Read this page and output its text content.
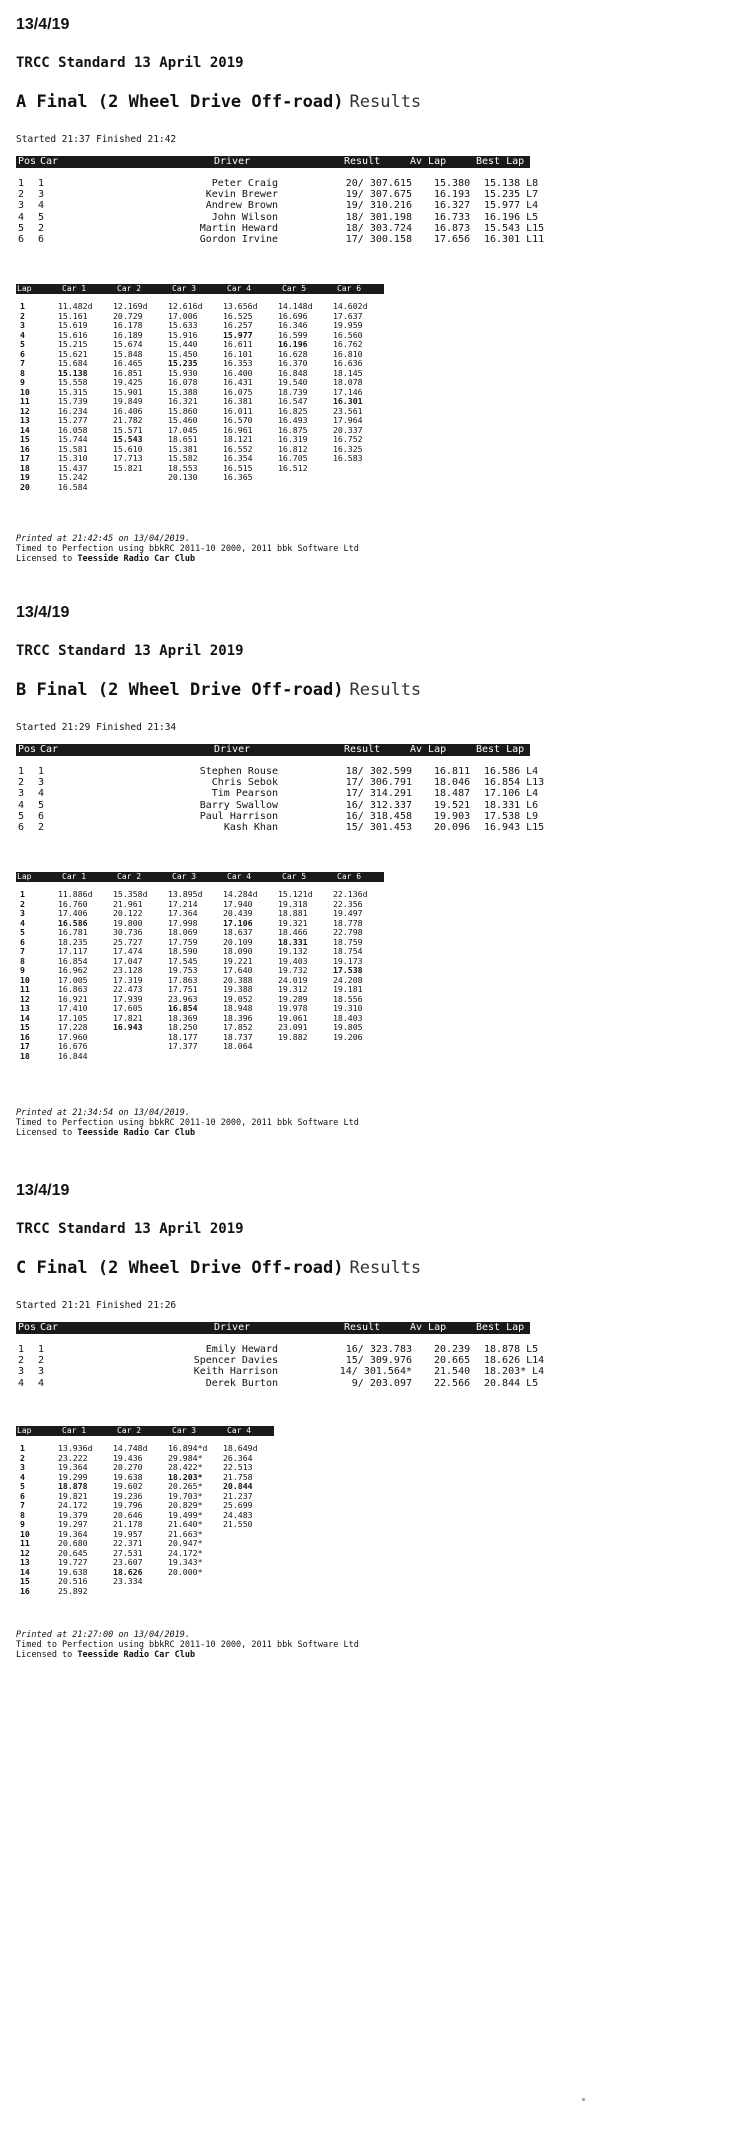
13/4/19
TRCC Standard 13 April 2019
A Final (2 Wheel Drive Off-road) Results
Started 21:37 Finished 21:42
Pos Car	Driver	Result	Av Lap	Best Lap
1 1	Peter Craig	20/ 307.615 15.380 15.138 L8
2 3	Kevin Brewer	19/ 307.675 16.193 15.235 L7
3 4	Andrew Brown	19/ 310.216 16.327 15.977 L4
4 5	John Wilson	18/ 301.198 16.733 16.196 L5
5 2	Martin Heward	18/ 303.724 16.873 15.543 L15
6 6	Gordon Irvine	17/ 300.158 17.656 16.301 L11
Lap	Car 1	Car 2	Car 3	Car 4	Car 5	Car 6
1	11.482d 12.169d 12.616d 13.656d 14.148d 14.602d
2	15.161	20.729	17.006	16.525	16.696	17.637
3	15.619	16.178	15.633	16.257	16.346	19.959
4	15.616	16.189	15.916	15.977	16.599	16.560
5	15.215	15.674	15.440	16.611	16.196	16.762
6	15.621	15.848	15.450	16.101	16.628	16.810
7	15.684	16.465	15.235	16.353	16.370	16.636
8	15.138	16.851	15.930	16.400	16.848	18.145
9	15.558	19.425	16.078	16.431	19.540	18.078
10	15.315	15.901	15.388	16.075	18.739	17.146
11	15.739	19.849	16.321	16.381	16.547	16.301
12	16.234	16.406	15.860	16.011	16.825	23.561
13	15.277	21.782	15.460	16.570	16.493	17.964
14	16.058	15.571	17.045	16.961	16.875	20.337
15	15.744	15.543	18.651	18.121	16.319	16.752
16	15.581	15.610	15.381	16.552	16.812	16.325
17	15.310	17.713	15.582	16.354	16.705	16.583
18	15.437	15.821	18.553	16.515	16.512
19	15.242	20.130	16.365
20	16.584
Printed at 21:42:45 on 13/04/2019.
Timed to Perfection using bbkRC 2011-10 2000, 2011 bbk Software Ltd
Licensed to Teesside Radio Car Club
13/4/19
TRCC Standard 13 April 2019
B Final (2 Wheel Drive Off-road) Results
Started 21:29 Finished 21:34
Pos Car	Driver	Result	Av Lap	Best Lap
1 1	Stephen Rouse	18/ 302.599 16.811 16.586 L4
2 3	Chris Sebok	17/ 306.791 18.046 16.854 L13
3 4	Tim Pearson	17/ 314.291 18.487 17.106 L4
4 5	Barry Swallow	16/ 312.337 19.521 18.331 L6
5 6	Paul Harrison	16/ 318.458 19.903 17.538 L9
6 2	Kash Khan	15/ 301.453 20.096 16.943 L15
Lap	Car 1	Car 2	Car 3	Car 4	Car 5	Car 6
1	11.886d 15.358d 13.895d 14.284d 15.121d 22.136d
2	16.760	21.961	17.214	17.940	19.318	22.356
3	17.406	20.122	17.364	20.439	18.881	19.497
4	16.586	19.800	17.998	17.106	19.321	18.778
5	16.781	30.736	18.069	18.637	18.466	22.798
6	18.235	25.727	17.759	20.109	18.331	18.759
7	17.117	17.474	18.590	18.090	19.132	18.754
8	16.854	17.047	17.545	19.221	19.403	19.173
9	16.962	23.128	19.753	17.640	19.732	17.538
10	17.005	17.319	17.863	20.388	24.019	24.208
11	16.863	22.473	17.751	19.388	19.312	19.181
12	16.921	17.939	23.963	19.052	19.289	18.556
13	17.410	17.605	16.854	18.948	19.978	19.310
14	17.105	17.821	18.369	18.396	19.061	18.403
15	17.228	16.943	18.250	17.852	23.091	19.805
16	17.960	18.177	18.737	19.882	19.206
17	16.676	17.377	18.064
18	16.844
Printed at 21:34:54 on 13/04/2019.
Timed to Perfection using bbkRC 2011-10 2000, 2011 bbk Software Ltd
Licensed to Teesside Radio Car Club
13/4/19
TRCC Standard 13 April 2019
C Final (2 Wheel Drive Off-road) Results
Started 21:21 Finished 21:26
Pos Car	Driver	Result	Av Lap	Best Lap
1 1	Emily Heward	16/ 323.783 20.239 18.878 L5
2 2	Spencer Davies	15/ 309.976 20.665 18.626 L14
3 3	Keith Harrison	14/ 301.564* 21.540 18.203* L4
4 4	Derek Burton	9/ 203.097 22.566 20.844 L5
Lap	Car 1	Car 2	Car 3	Car 4
1	13.936d 14.748d 16.894*d 18.649d
2	23.222	19.436	29.984* 26.364
3	19.364	20.270	28.422* 22.513
4	19.299	19.638	18.203* 21.758
5	18.878	19.602	20.265* 20.844
6	19.821	19.236	19.703* 21.237
7	24.172	19.796	20.829* 25.699
8	19.379	20.646	19.499* 24.483
9	19.297	21.178	21.640* 21.550
10	19.364	19.957	21.663*
11	20.680	22.371	20.947*
12	20.645	27.531	24.172*
13	19.727	23.607	19.343*
14	19.638	18.626	20.000*
15	20.516	23.334
16	25.892
Printed at 21:27:00 on 13/04/2019.
Timed to Perfection using bbkRC 2011-10 2000, 2011 bbk Software Ltd
Licensed to Teesside Radio Car Club
